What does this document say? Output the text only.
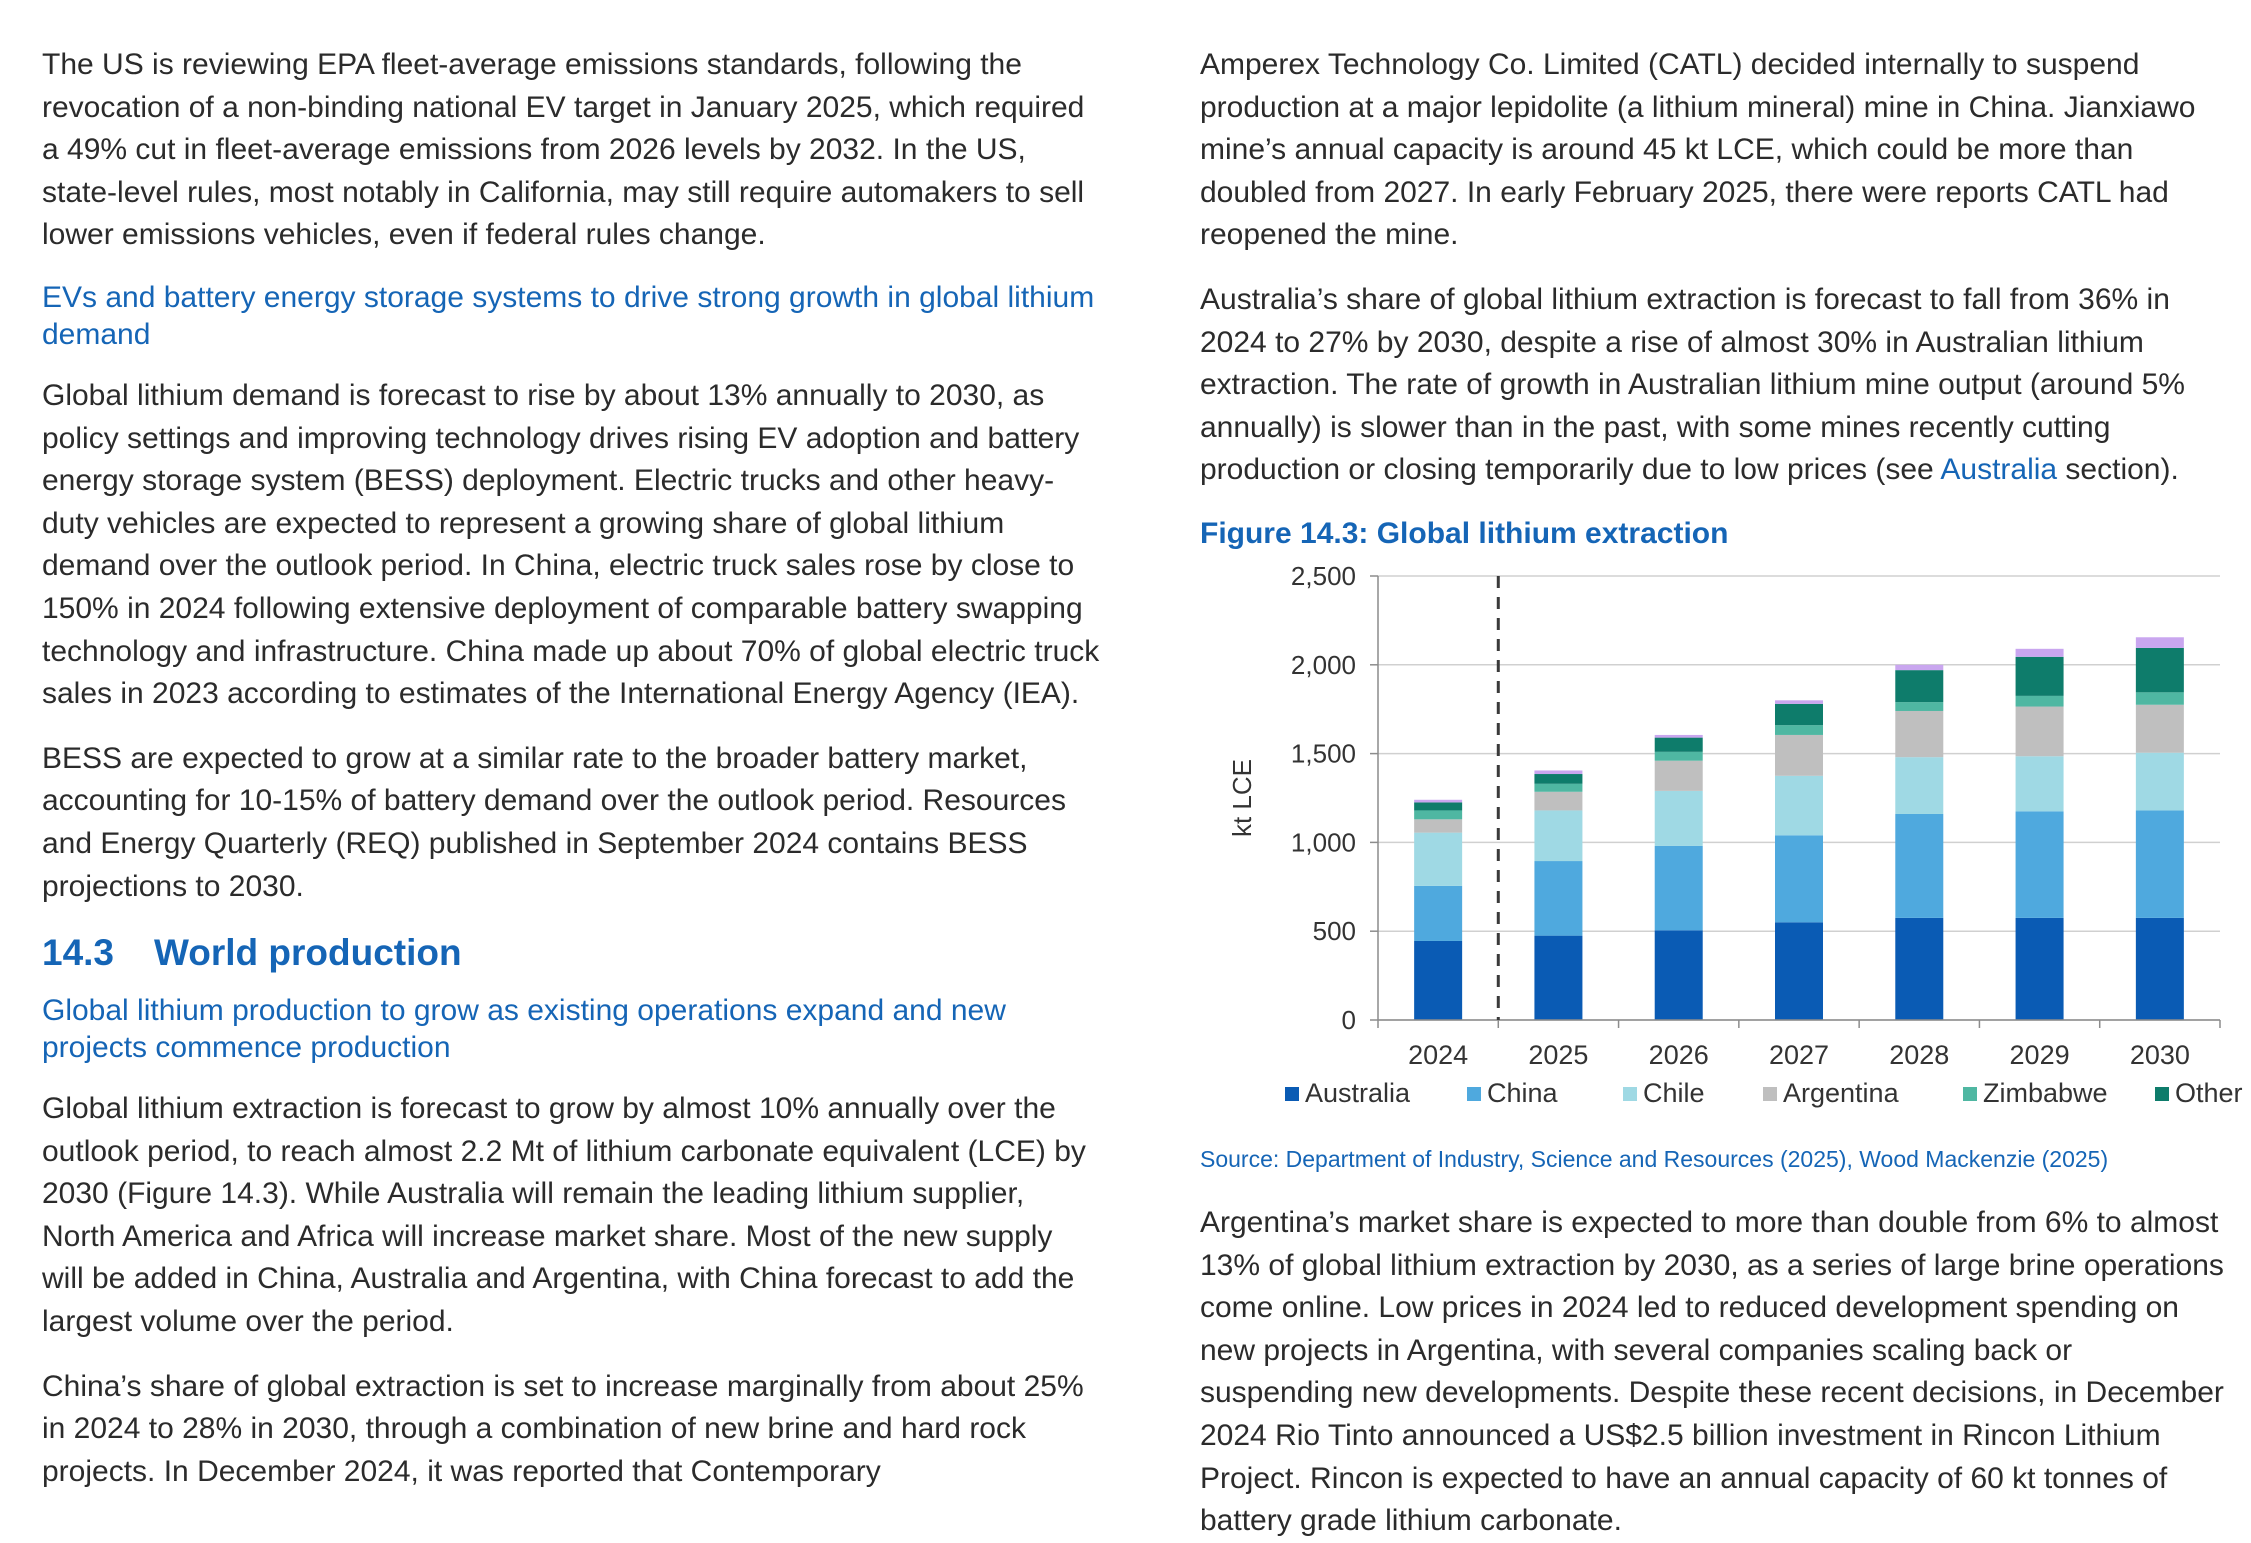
The US is reviewing EPA fleet-average emissions standards, following the revocation of a non-binding national EV target in January 2025, which required a 49% cut in fleet-average emissions from 2026 levels by 2032. In the US, state-level rules, most notably in California, may still require automakers to sell lower emissions vehicles, even if federal rules change.

EVs and battery energy storage systems to drive strong growth in global lithium demand

Global lithium demand is forecast to rise by about 13% annually to 2030, as policy settings and improving technology drives rising EV adoption and battery energy storage system (BESS) deployment. Electric trucks and other heavy-duty vehicles are expected to represent a growing share of global lithium demand over the outlook period. In China, electric truck sales rose by close to 150% in 2024 following extensive deployment of comparable battery swapping technology and infrastructure. China made up about 70% of global electric truck sales in 2023 according to estimates of the International Energy Agency (IEA).

BESS are expected to grow at a similar rate to the broader battery market, accounting for 10-15% of battery demand over the outlook period. Resources and Energy Quarterly (REQ) published in September 2024 contains BESS projections to 2030.

14.3 World production
Global lithium production to grow as existing operations expand and new projects commence production

Global lithium extraction is forecast to grow by almost 10% annually over the outlook period, to reach almost 2.2 Mt of lithium carbonate equivalent (LCE) by 2030 (Figure 14.3). While Australia will remain the leading lithium supplier, North America and Africa will increase market share. Most of the new supply will be added in China, Australia and Argentina, with China forecast to add the largest volume over the period.

China’s share of global extraction is set to increase marginally from about 25% in 2024 to 28% in 2030, through a combination of new brine and hard rock projects. In December 2024, it was reported that Contemporary

Amperex Technology Co. Limited (CATL) decided internally to suspend production at a major lepidolite (a lithium mineral) mine in China. Jianxiawo mine’s annual capacity is around 45 kt LCE, which could be more than doubled from 2027. In early February 2025, there were reports CATL had reopened the mine.

Australia’s share of global lithium extraction is forecast to fall from 36% in 2024 to 27% by 2030, despite a rise of almost 30% in Australian lithium extraction. The rate of growth in Australian lithium mine output (around 5% annually) is slower than in the past, with some mines recently cutting production or closing temporarily due to low prices (see Australia section).

Figure 14.3: Global lithium extraction
0
500
1,000
1,500
2,000
2,500
kt LCE
2024 2025 2026 2027 2028 2029 2030
Australia	China	Chile	Argentina	Zimbabwe Other
Source: Department of Industry, Science and Resources (2025), Wood Mackenzie (2025)

Argentina’s market share is expected to more than double from 6% to almost 13% of global lithium extraction by 2030, as a series of large brine operations come online. Low prices in 2024 led to reduced development spending on new projects in Argentina, with several companies scaling back or suspending new developments. Despite these recent decisions, in December 2024 Rio Tinto announced a US$2.5 billion investment in Rincon Lithium Project. Rincon is expected to have an annual capacity of 60 kt tonnes of battery grade lithium carbonate.
